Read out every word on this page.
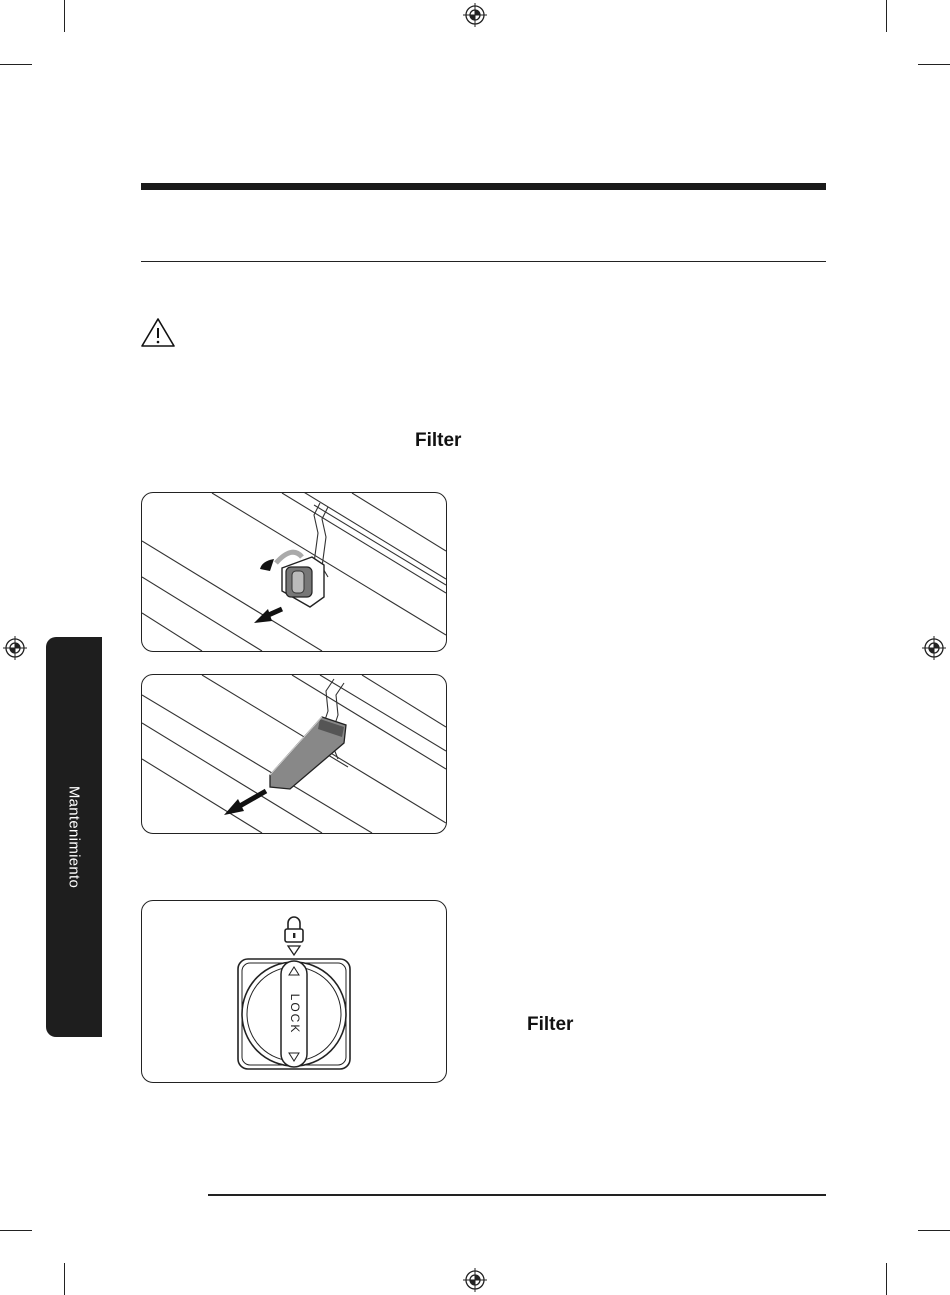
Filter
Filter
LOCK
Mantenimiento
